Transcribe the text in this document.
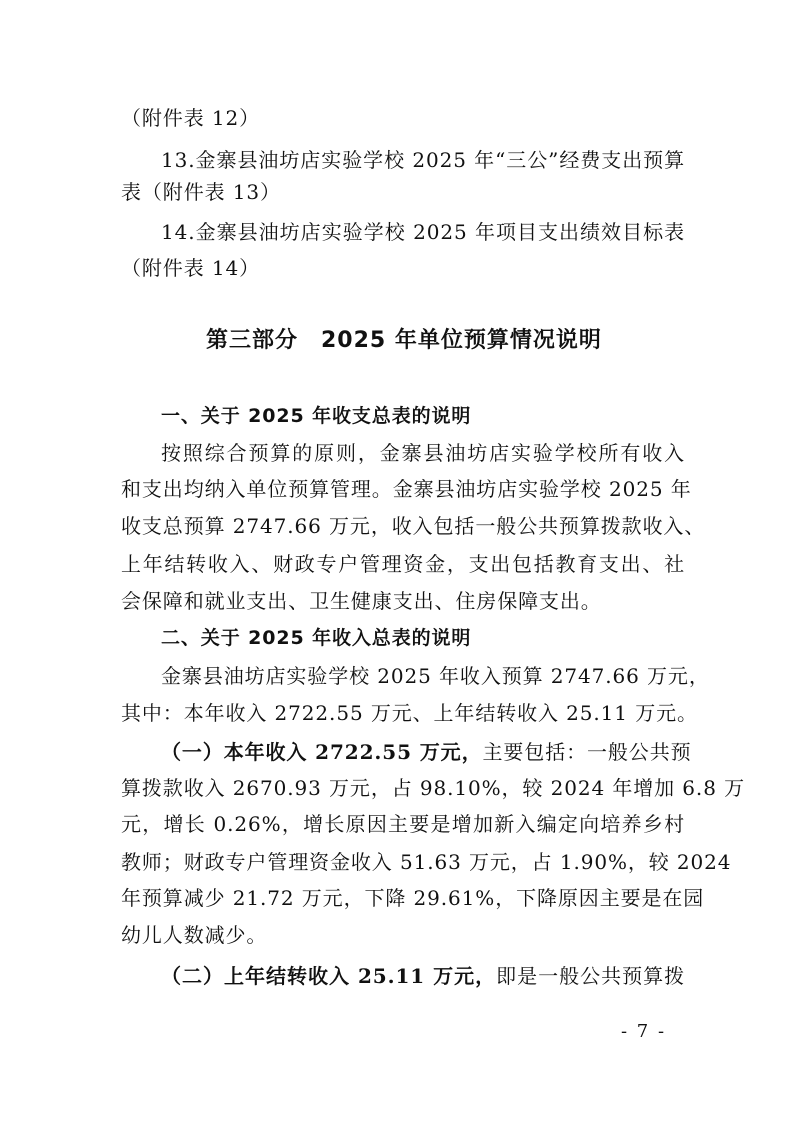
（附件表 12）
13.金寨县油坊店实验学校 2025 年“三公”经费支出预算
表（附件表 13）
14.金寨县油坊店实验学校 2025 年项目支出绩效目标表
（附件表 14）
第三部分　2025 年单位预算情况说明
一、关于 2025 年收支总表的说明
按照综合预算的原则，金寨县油坊店实验学校所有收入
和支出均纳入单位预算管理。金寨县油坊店实验学校 2025 年
收支总预算 2747.66 万元，收入包括一般公共预算拨款收入、
上年结转收入、财政专户管理资金，支出包括教育支出、社
会保障和就业支出、卫生健康支出、住房保障支出。
二、关于 2025 年收入总表的说明
金寨县油坊店实验学校 2025 年收入预算 2747.66 万元，
其中：本年收入 2722.55 万元、上年结转收入 25.11 万元。
（一）本年收入 2722.55 万元，主要包括：一般公共预
算拨款收入 2670.93 万元，占 98.10%，较 2024 年增加 6.8 万
元，增长 0.26%，增长原因主要是增加新入编定向培养乡村
教师；财政专户管理资金收入 51.63 万元，占 1.90%，较 2024
年预算减少 21.72 万元，下降 29.61%，下降原因主要是在园
幼儿人数减少。
（二）上年结转收入 25.11 万元，即是一般公共预算拨
- 7 -
